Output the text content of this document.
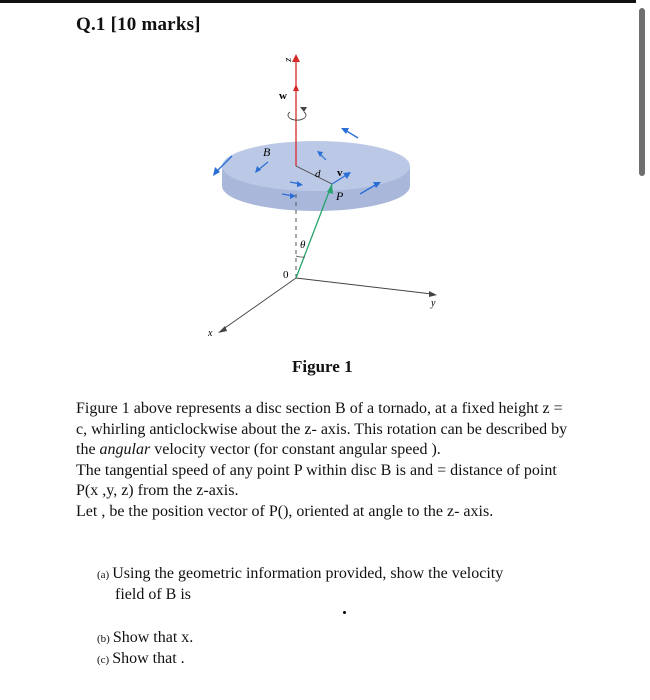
Q.1 [10 marks]
z
w
B
d v
P
θ
0
x
y
Figure 1

Figure 1 above represents a disc section B of a tornado, at a fixed height z = c, whirling anticlockwise about the z- axis. This rotation can be described by the angular velocity vector (for constant angular speed ).

The tangential speed of any point P within disc B is and = distance of point P(x ,y, z) from the z-axis.

Let , be the position vector of P(), oriented at angle to the z- axis.

(a) Using the geometric information provided, show the velocity
field of B is
(b) Show that x.
(c) Show that .
